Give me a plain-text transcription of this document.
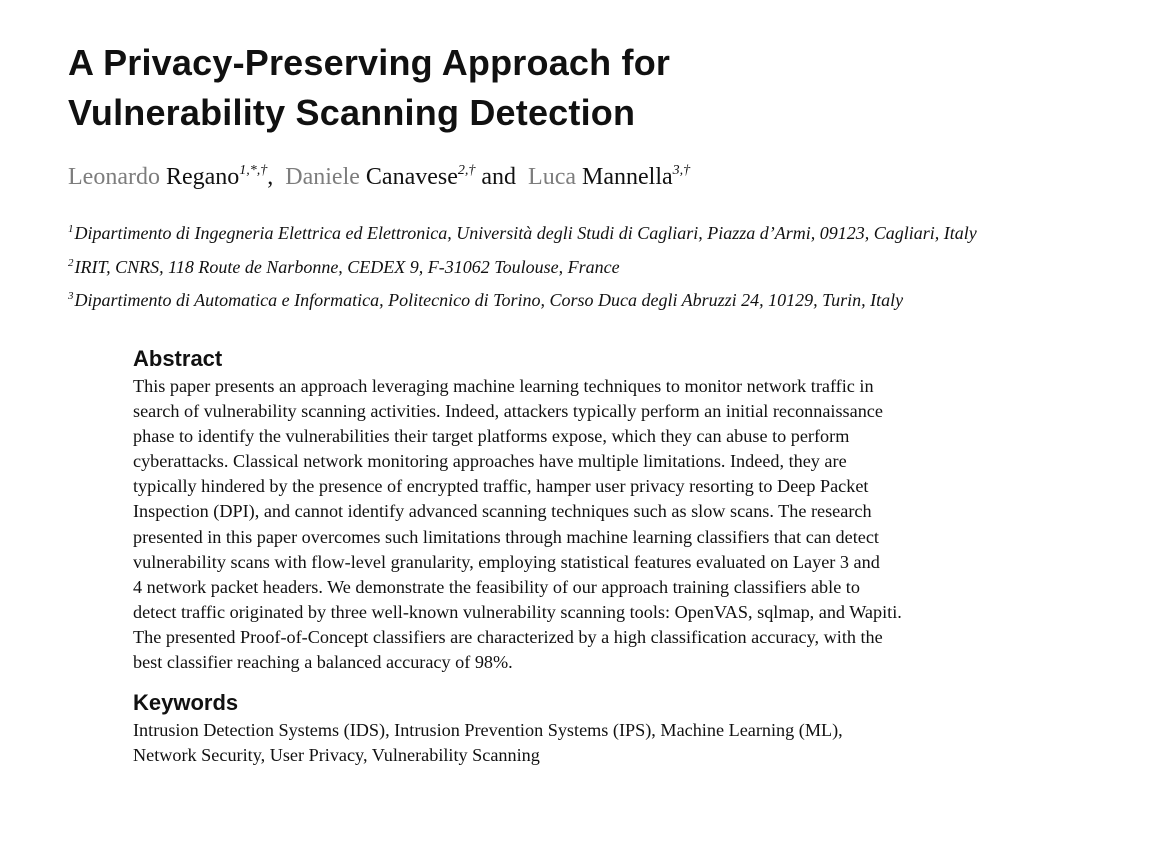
A Privacy-Preserving Approach for
Vulnerability Scanning Detection
Leonardo Regano$^{1,*,\dagger}$, Daniele Canavese$^{2,\dagger}$ and Luca Mannella$^{3,\dagger}$
$^1$Dipartimento di Ingegneria Elettrica ed Elettronica, Università degli Studi di Cagliari, Piazza d’Armi, 09123, Cagliari, Italy
$^2$IRIT, CNRS, 118 Route de Narbonne, CEDEX 9, F-31062 Toulouse, France
$^3$Dipartimento di Automatica e Informatica, Politecnico di Torino, Corso Duca degli Abruzzi 24, 10129, Turin, Italy
Abstract
This paper presents an approach leveraging machine learning techniques to monitor network traffic in
search of vulnerability scanning activities. Indeed, attackers typically perform an initial reconnaissance
phase to identify the vulnerabilities their target platforms expose, which they can abuse to perform
cyberattacks. Classical network monitoring approaches have multiple limitations. Indeed, they are
typically hindered by the presence of encrypted traffic, hamper user privacy resorting to Deep Packet
Inspection (DPI), and cannot identify advanced scanning techniques such as slow scans. The research
presented in this paper overcomes such limitations through machine learning classifiers that can detect
vulnerability scans with flow-level granularity, employing statistical features evaluated on Layer 3 and
4 network packet headers. We demonstrate the feasibility of our approach training classifiers able to
detect traffic originated by three well-known vulnerability scanning tools: OpenVAS, sqlmap, and Wapiti.
The presented Proof-of-Concept classifiers are characterized by a high classification accuracy, with the
best classifier reaching a balanced accuracy of 98%.
Keywords
Intrusion Detection Systems (IDS), Intrusion Prevention Systems (IPS), Machine Learning (ML),
Network Security, User Privacy, Vulnerability Scanning
